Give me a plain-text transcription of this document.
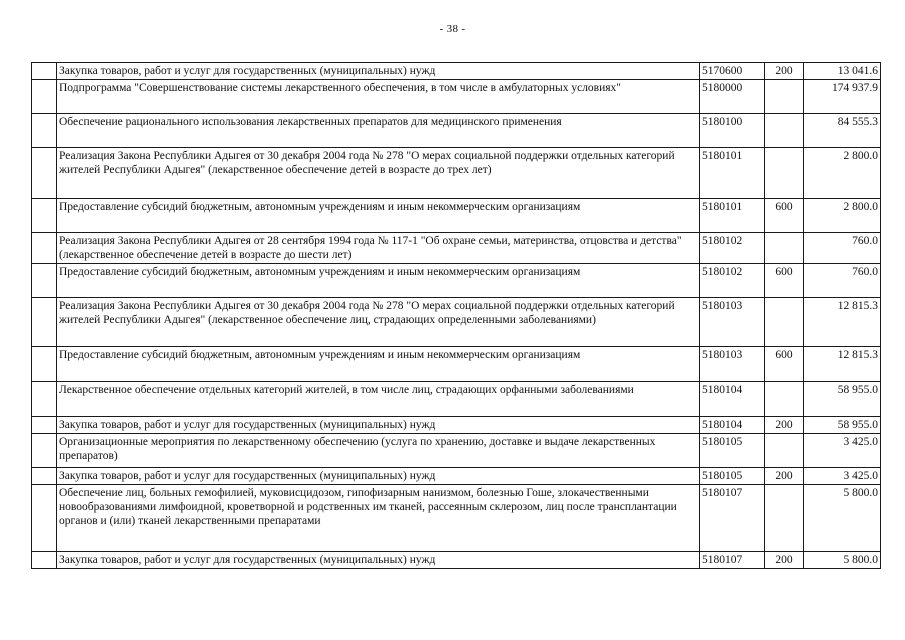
- 38 -
	Закупка товаров, работ и услуг для государственных (муниципальных) нужд	5170600	200	13 041.6
	Подпрограмма "Совершенствование системы лекарственного обеспечения, в том числе в амбулаторных условиях"	5180000		174 937.9
	Обеспечение рационального использования лекарственных препаратов для медицинского применения	5180100		84 555.3
	Реализация Закона Республики Адыгея от 30 декабря 2004 года № 278 "О мерах социальной поддержки отдельных категорий жителей Республики Адыгея" (лекарственное обеспечение детей в возрасте до трех лет)	5180101		2 800.0
	Предоставление субсидий бюджетным, автономным учреждениям и иным некоммерческим организациям	5180101	600	2 800.0
	Реализация Закона Республики Адыгея от 28 сентября 1994 года № 117-1 "Об охране семьи, материнства, отцовства и детства" (лекарственное обеспечение детей в возрасте до шести лет)	5180102		760.0
	Предоставление субсидий бюджетным, автономным учреждениям и иным некоммерческим организациям	5180102	600	760.0
	Реализация Закона Республики Адыгея от 30 декабря 2004 года № 278 "О мерах социальной поддержки отдельных категорий жителей Республики Адыгея" (лекарственное обеспечение лиц, страдающих определенными заболеваниями)	5180103		12 815.3
	Предоставление субсидий бюджетным, автономным учреждениям и иным некоммерческим организациям	5180103	600	12 815.3
	Лекарственное обеспечение отдельных категорий жителей, в том числе лиц, страдающих орфанными заболеваниями	5180104		58 955.0
	Закупка товаров, работ и услуг для государственных (муниципальных) нужд	5180104	200	58 955.0
	Организационные мероприятия по лекарственному обеспечению (услуга по хранению, доставке и выдаче лекарственных препаратов)	5180105		3 425.0
	Закупка товаров, работ и услуг для государственных (муниципальных) нужд	5180105	200	3 425.0
	Обеспечение лиц, больных гемофилией, муковисцидозом, гипофизарным нанизмом, болезнью Гоше, злокачественными новообразованиями лимфоидной, кроветворной и родственных им тканей, рассеянным склерозом, лиц после трансплантации органов и (или) тканей лекарственными препаратами	5180107		5 800.0
	Закупка товаров, работ и услуг для государственных (муниципальных) нужд	5180107	200	5 800.0
